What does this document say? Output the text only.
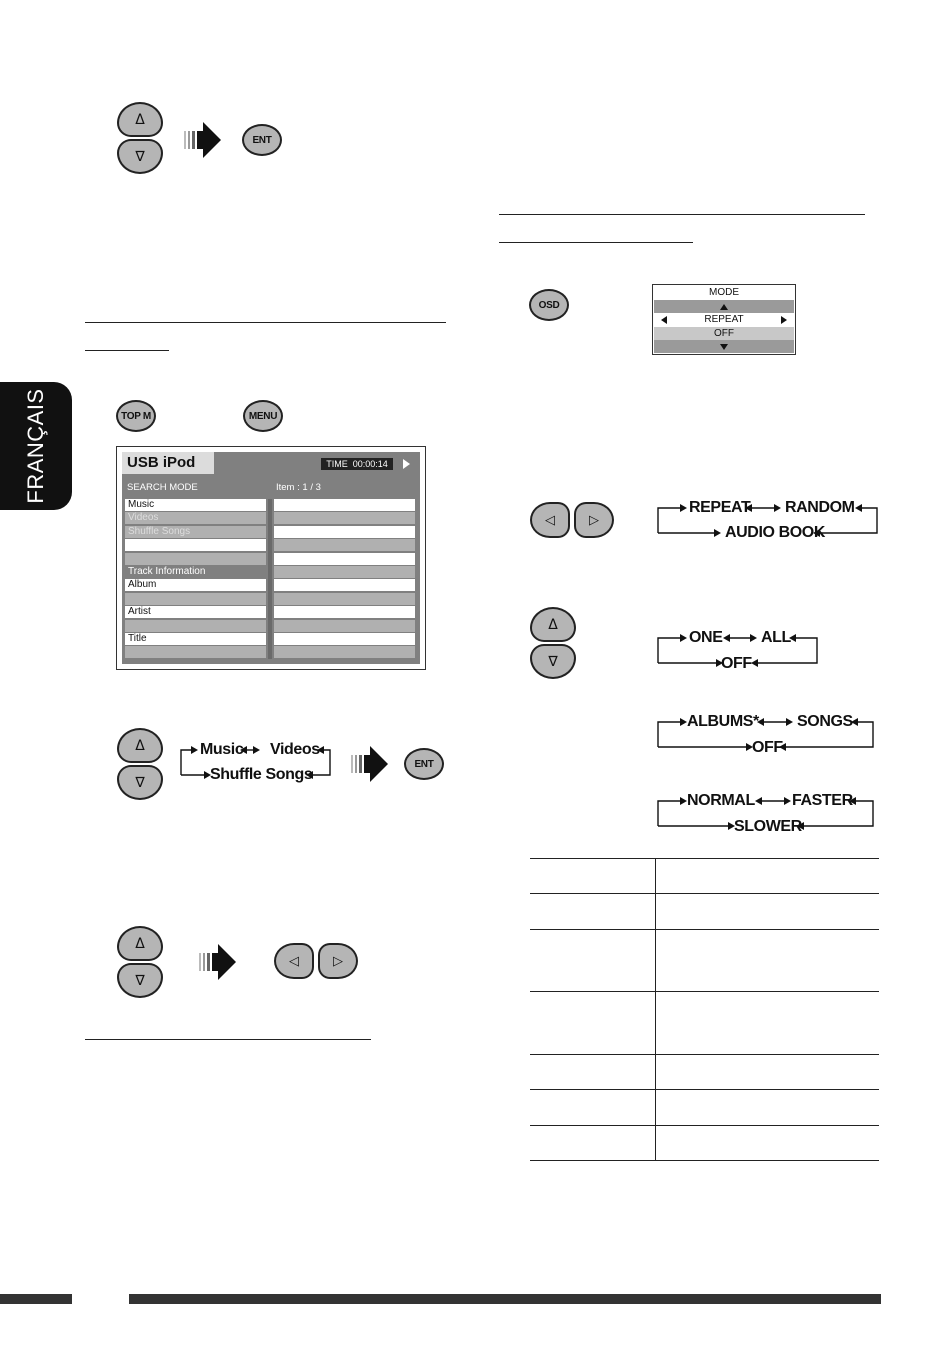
FRANÇAIS
Δ
∇
ENT
OSD
MODE
REPEAT
OFF
TOP M	MENU
USB iPod	TIME 00:00:14
SEARCH MODE	Item : 1 / 3
Music
Videos
Shuffle Songs
Track Information
Album
Artist
Title
Δ
∇
Music Videos
Shuffle Songs
ENT
Δ
∇
◁	▷
◁	▷
REPEAT RANDOM
AUDIO BOOK
Δ
∇
ONE ALL
OFF
ALBUMS* SONGS
OFF
NORMAL FASTER
SLOWER
